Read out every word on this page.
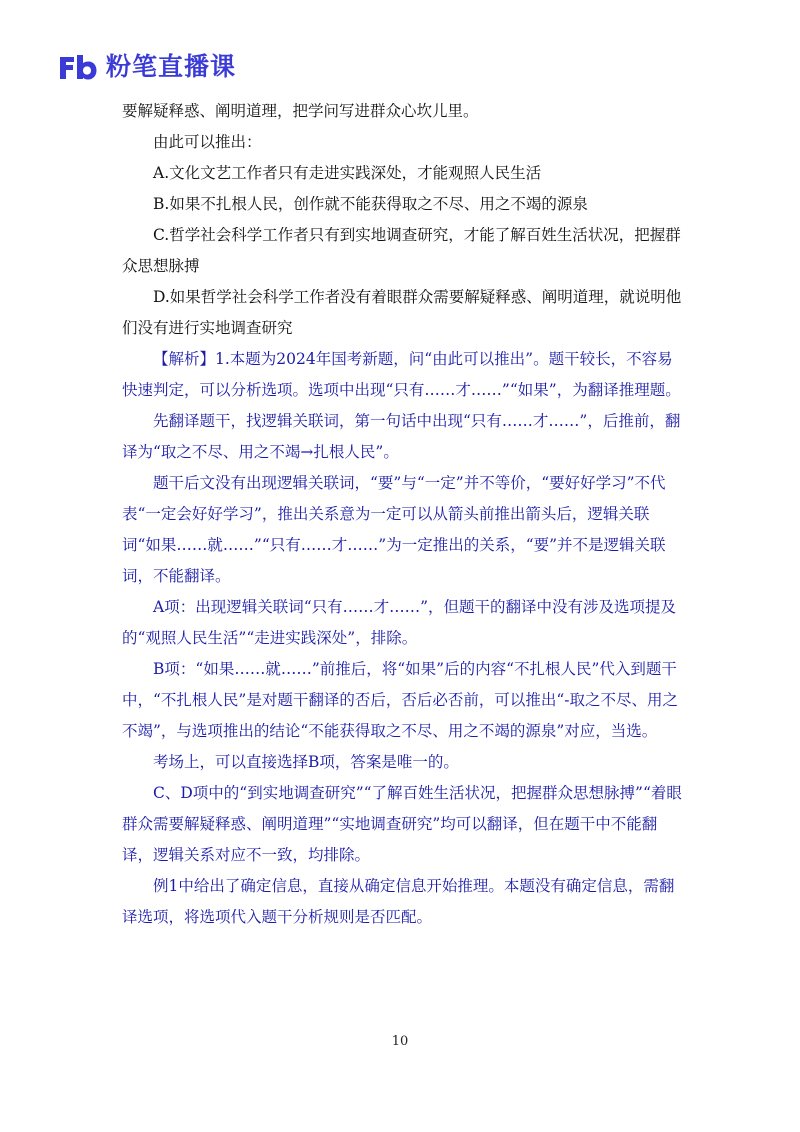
粉笔直播课

要解疑释惑、阐明道理，把学问写进群众心坎儿里。

由此可以推出：

A.文化文艺工作者只有走进实践深处，才能观照人民生活

B.如果不扎根人民，创作就不能获得取之不尽、用之不竭的源泉

C.哲学社会科学工作者只有到实地调查研究，才能了解百姓生活状况，把握群众思想脉搏

D.如果哲学社会科学工作者没有着眼群众需要解疑释惑、阐明道理，就说明他们没有进行实地调查研究

【解析】1.本题为2024年国考新题，问“由此可以推出”。题干较长，不容易快速判定，可以分析选项。选项中出现“只有……才……”“如果”，为翻译推理题。

先翻译题干，找逻辑关联词，第一句话中出现“只有……才……”，后推前，翻译为“取之不尽、用之不竭→扎根人民”。

题干后文没有出现逻辑关联词，“要”与“一定”并不等价，“要好好学习”不代表“一定会好好学习”，推出关系意为一定可以从箭头前推出箭头后，逻辑关联词“如果……就……”“只有……才……”为一定推出的关系，“要”并不是逻辑关联词，不能翻译。

A项：出现逻辑关联词“只有……才……”，但题干的翻译中没有涉及选项提及的“观照人民生活”“走进实践深处”，排除。

B项：“如果……就……”前推后，将“如果”后的内容“不扎根人民”代入到题干中，“不扎根人民”是对题干翻译的否后，否后必否前，可以推出“-取之不尽、用之不竭”，与选项推出的结论“不能获得取之不尽、用之不竭的源泉”对应，当选。

考场上，可以直接选择B项，答案是唯一的。

C、D项中的“到实地调查研究”“了解百姓生活状况，把握群众思想脉搏”“着眼群众需要解疑释惑、阐明道理”“实地调查研究”均可以翻译，但在题干中不能翻译，逻辑关系对应不一致，均排除。

例1中给出了确定信息，直接从确定信息开始推理。本题没有确定信息，需翻译选项，将选项代入题干分析规则是否匹配。

10
